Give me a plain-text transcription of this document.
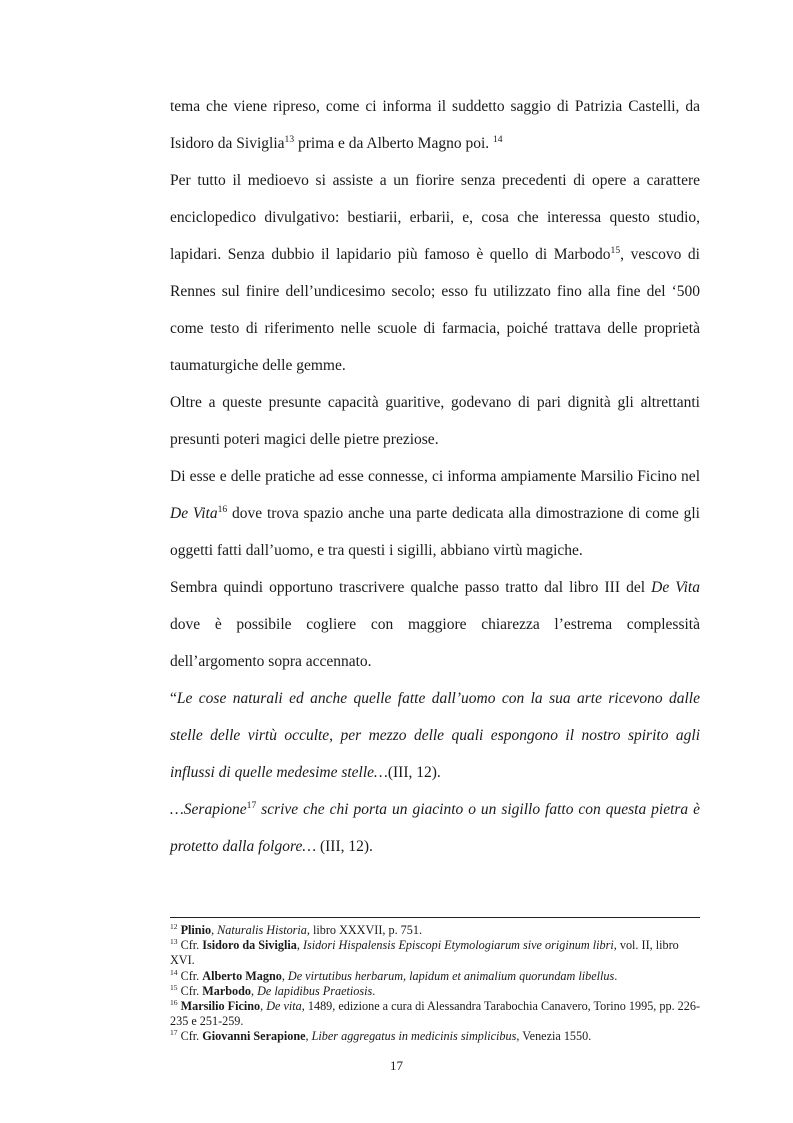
tema che viene ripreso, come ci informa il suddetto saggio di Patrizia Castelli, da Isidoro da Siviglia$^{13}$ prima e da Alberto Magno poi. $^{14}$

Per tutto il medioevo si assiste a un fiorire senza precedenti di opere a carattere enciclopedico divulgativo: bestiarii, erbarii, e, cosa che interessa questo studio, lapidari. Senza dubbio il lapidario più famoso è quello di Marbodo$^{15}$, vescovo di Rennes sul finire dell’undicesimo secolo; esso fu utilizzato fino alla fine del ‘500 come testo di riferimento nelle scuole di farmacia, poiché trattava delle proprietà taumaturgiche delle gemme.

Oltre a queste presunte capacità guaritive, godevano di pari dignità gli altrettanti presunti poteri magici delle pietre preziose.

Di esse e delle pratiche ad esse connesse, ci informa ampiamente Marsilio Ficino nel De Vita$^{16}$ dove trova spazio anche una parte dedicata alla dimostrazione di come gli oggetti fatti dall’uomo, e tra questi i sigilli, abbiano virtù magiche.

Sembra quindi opportuno trascrivere qualche passo tratto dal libro III del De Vita dove è possibile cogliere con maggiore chiarezza l’estrema complessità dell’argomento sopra accennato.

“Le cose naturali ed anche quelle fatte dall’uomo con la sua arte ricevono dalle stelle delle virtù occulte, per mezzo delle quali espongono il nostro spirito agli influssi di quelle medesime stelle…(III, 12).

…Serapione$^{17}$ scrive che chi porta un giacinto o un sigillo fatto con questa pietra è protetto dalla folgore… (III, 12).

$^{12}$ Plinio, Naturalis Historia, libro XXXVII, p. 751.

$^{13}$ Cfr. Isidoro da Siviglia, Isidori Hispalensis Episcopi Etymologiarum sive originum libri, vol. II, libro XVI.

$^{14}$ Cfr. Alberto Magno, De virtutibus herbarum, lapidum et animalium quorundam libellus.

$^{15}$ Cfr. Marbodo, De lapidibus Praetiosis.

$^{16}$ Marsilio Ficino, De vita, 1489, edizione a cura di Alessandra Tarabochia Canavero, Torino 1995, pp. 226-235 e 251-259.

$^{17}$ Cfr. Giovanni Serapione, Liber aggregatus in medicinis simplicibus, Venezia 1550.

17
